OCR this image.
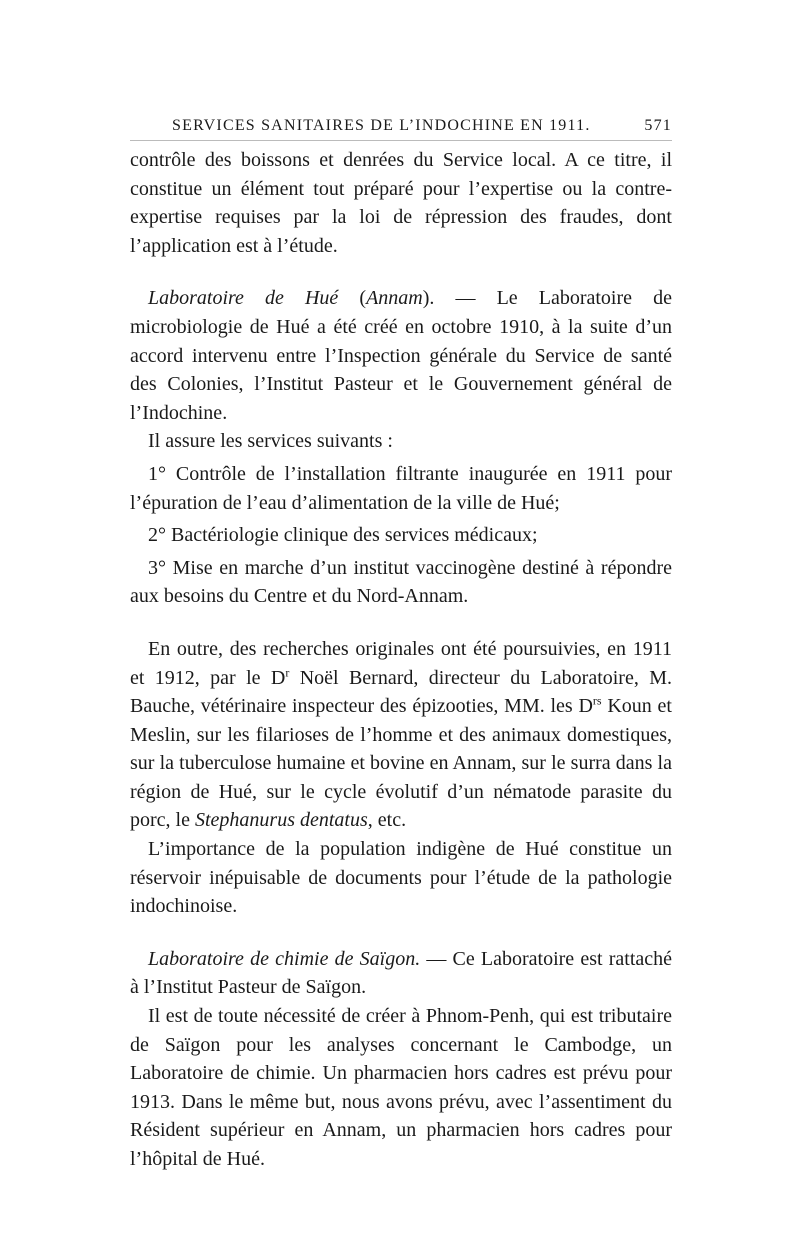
SERVICES SANITAIRES DE L’INDOCHINE EN 1911.	571

contrôle des boissons et denrées du Service local. A ce titre, il constitue un élément tout préparé pour l’expertise ou la contre-expertise requises par la loi de répression des fraudes, dont l’application est à l’étude.

Laboratoire de Hué (Annam). — Le Laboratoire de microbiologie de Hué a été créé en octobre 1910, à la suite d’un accord intervenu entre l’Inspection générale du Service de santé des Colonies, l’Institut Pasteur et le Gouvernement général de l’Indochine.

Il assure les services suivants :

1° Contrôle de l’installation filtrante inaugurée en 1911 pour l’épuration de l’eau d’alimentation de la ville de Hué;

2° Bactériologie clinique des services médicaux;

3° Mise en marche d’un institut vaccinogène destiné à répondre aux besoins du Centre et du Nord-Annam.

En outre, des recherches originales ont été poursuivies, en 1911 et 1912, par le $D^r$ Noël Bernard, directeur du Laboratoire, M. Bauche, vétérinaire inspecteur des épizooties, MM. les $D^{rs}$ Koun et Meslin, sur les filarioses de l’homme et des animaux domestiques, sur la tuberculose humaine et bovine en Annam, sur le surra dans la région de Hué, sur le cycle évolutif d’un nématode parasite du porc, le Stephanurus dentatus, etc.

L’importance de la population indigène de Hué constitue un réservoir inépuisable de documents pour l’étude de la pathologie indochinoise.

Laboratoire de chimie de Saïgon. — Ce Laboratoire est rattaché à l’Institut Pasteur de Saïgon.

Il est de toute nécessité de créer à Phnom-Penh, qui est tributaire de Saïgon pour les analyses concernant le Cambodge, un Laboratoire de chimie. Un pharmacien hors cadres est prévu pour 1913. Dans le même but, nous avons prévu, avec l’assentiment du Résident supérieur en Annam, un pharmacien hors cadres pour l’hôpital de Hué.
